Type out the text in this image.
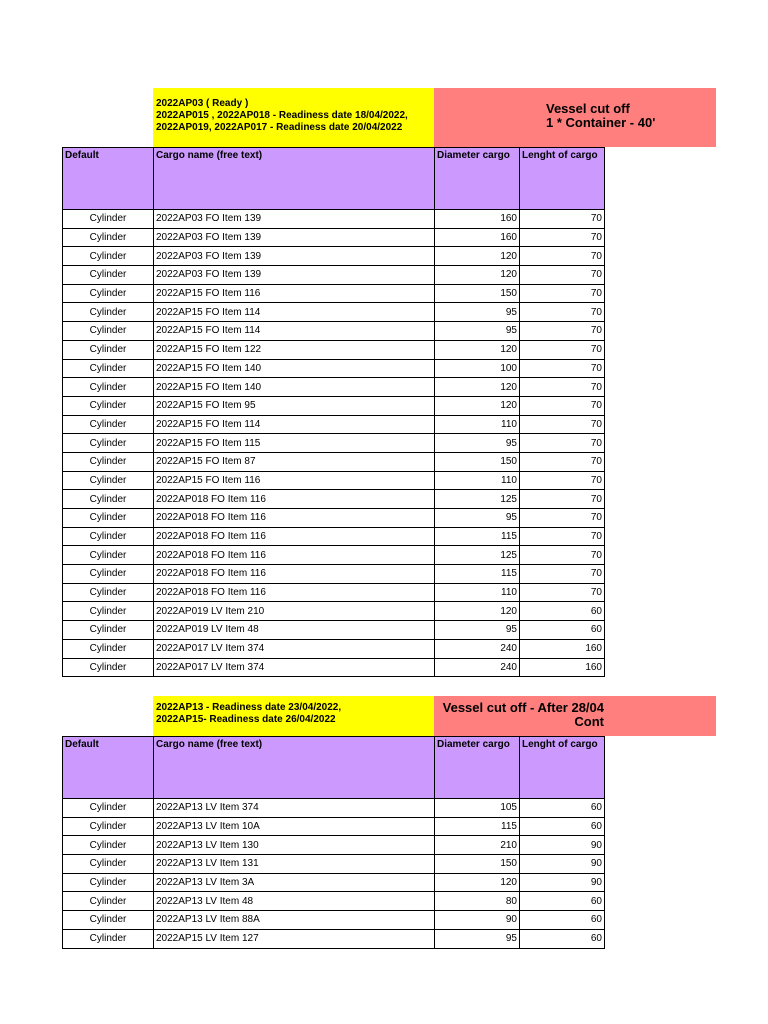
2022AP03 ( Ready )
2022AP015 , 2022AP018 - Readiness date 18/04/2022,
2022AP019, 2022AP017 - Readiness date 20/04/2022
Vessel cut off
1 * Container - 40'
Default	Cargo name (free text)	Diameter cargo	Lenght of cargo
Cylinder	2022AP03 FO Item 139	160	70
Cylinder	2022AP03 FO Item 139	160	70
Cylinder	2022AP03 FO Item 139	120	70
Cylinder	2022AP03 FO Item 139	120	70
Cylinder	2022AP15 FO Item 116	150	70
Cylinder	2022AP15 FO Item 114	95	70
Cylinder	2022AP15 FO Item 114	95	70
Cylinder	2022AP15 FO Item 122	120	70
Cylinder	2022AP15 FO Item 140	100	70
Cylinder	2022AP15 FO Item 140	120	70
Cylinder	2022AP15 FO Item 95	120	70
Cylinder	2022AP15 FO Item 114	110	70
Cylinder	2022AP15 FO Item 115	95	70
Cylinder	2022AP15 FO Item 87	150	70
Cylinder	2022AP15 FO Item 116	110	70
Cylinder	2022AP018 FO Item 116	125	70
Cylinder	2022AP018 FO Item 116	95	70
Cylinder	2022AP018 FO Item 116	115	70
Cylinder	2022AP018 FO Item 116	125	70
Cylinder	2022AP018 FO Item 116	115	70
Cylinder	2022AP018 FO Item 116	110	70
Cylinder	2022AP019 LV Item 210	120	60
Cylinder	2022AP019 LV Item 48	95	60
Cylinder	2022AP017 LV Item 374	240	160
Cylinder	2022AP017 LV Item 374	240	160
2022AP13 - Readiness date 23/04/2022,
2022AP15- Readiness date 26/04/2022
Vessel cut off - After 28/04
Cont
Default	Cargo name (free text)	Diameter cargo	Lenght of cargo
Cylinder	2022AP13 LV Item 374	105	60
Cylinder	2022AP13 LV Item 10A	115	60
Cylinder	2022AP13 LV Item 130	210	90
Cylinder	2022AP13 LV Item 131	150	90
Cylinder	2022AP13 LV Item 3A	120	90
Cylinder	2022AP13 LV Item 48	80	60
Cylinder	2022AP13 LV Item 88A	90	60
Cylinder	2022AP15 LV Item 127	95	60
